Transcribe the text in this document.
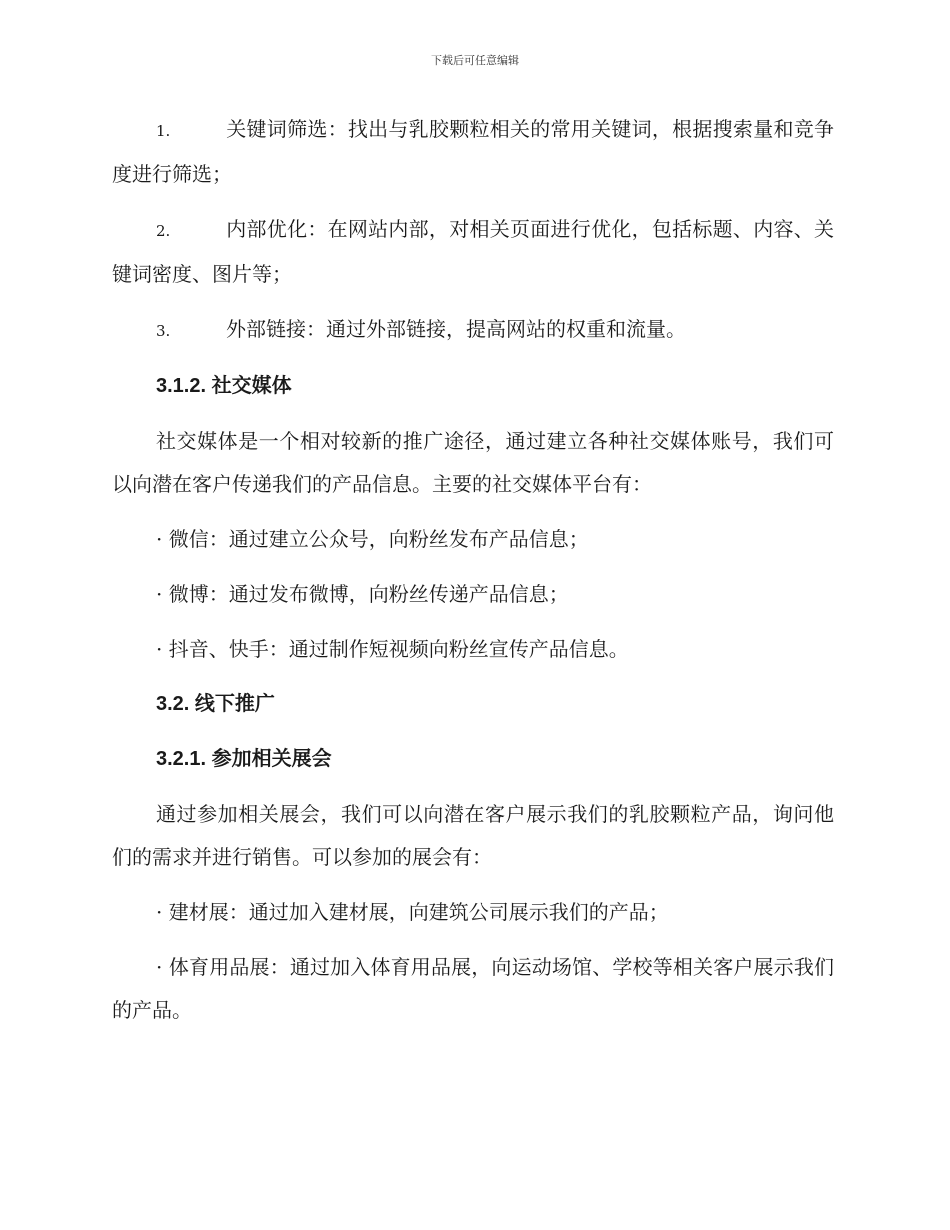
下载后可任意编辑

1.	关键词筛选：找出与乳胶颗粒相关的常用关键词，根据搜索量和竞争度进行筛选；

2.	内部优化：在网站内部，对相关页面进行优化，包括标题、内容、关键词密度、图片等；

3.	外部链接：通过外部链接，提高网站的权重和流量。

3.1.2. 社交媒体

社交媒体是一个相对较新的推广途径，通过建立各种社交媒体账号，我们可以向潜在客户传递我们的产品信息。主要的社交媒体平台有：

· 微信：通过建立公众号，向粉丝发布产品信息；

· 微博：通过发布微博，向粉丝传递产品信息；

· 抖音、快手：通过制作短视频向粉丝宣传产品信息。

3.2. 线下推广
3.2.1. 参加相关展会

通过参加相关展会，我们可以向潜在客户展示我们的乳胶颗粒产品，询问他们的需求并进行销售。可以参加的展会有：

· 建材展：通过加入建材展，向建筑公司展示我们的产品；

· 体育用品展：通过加入体育用品展，向运动场馆、学校等相关客户展示我们的产品。
